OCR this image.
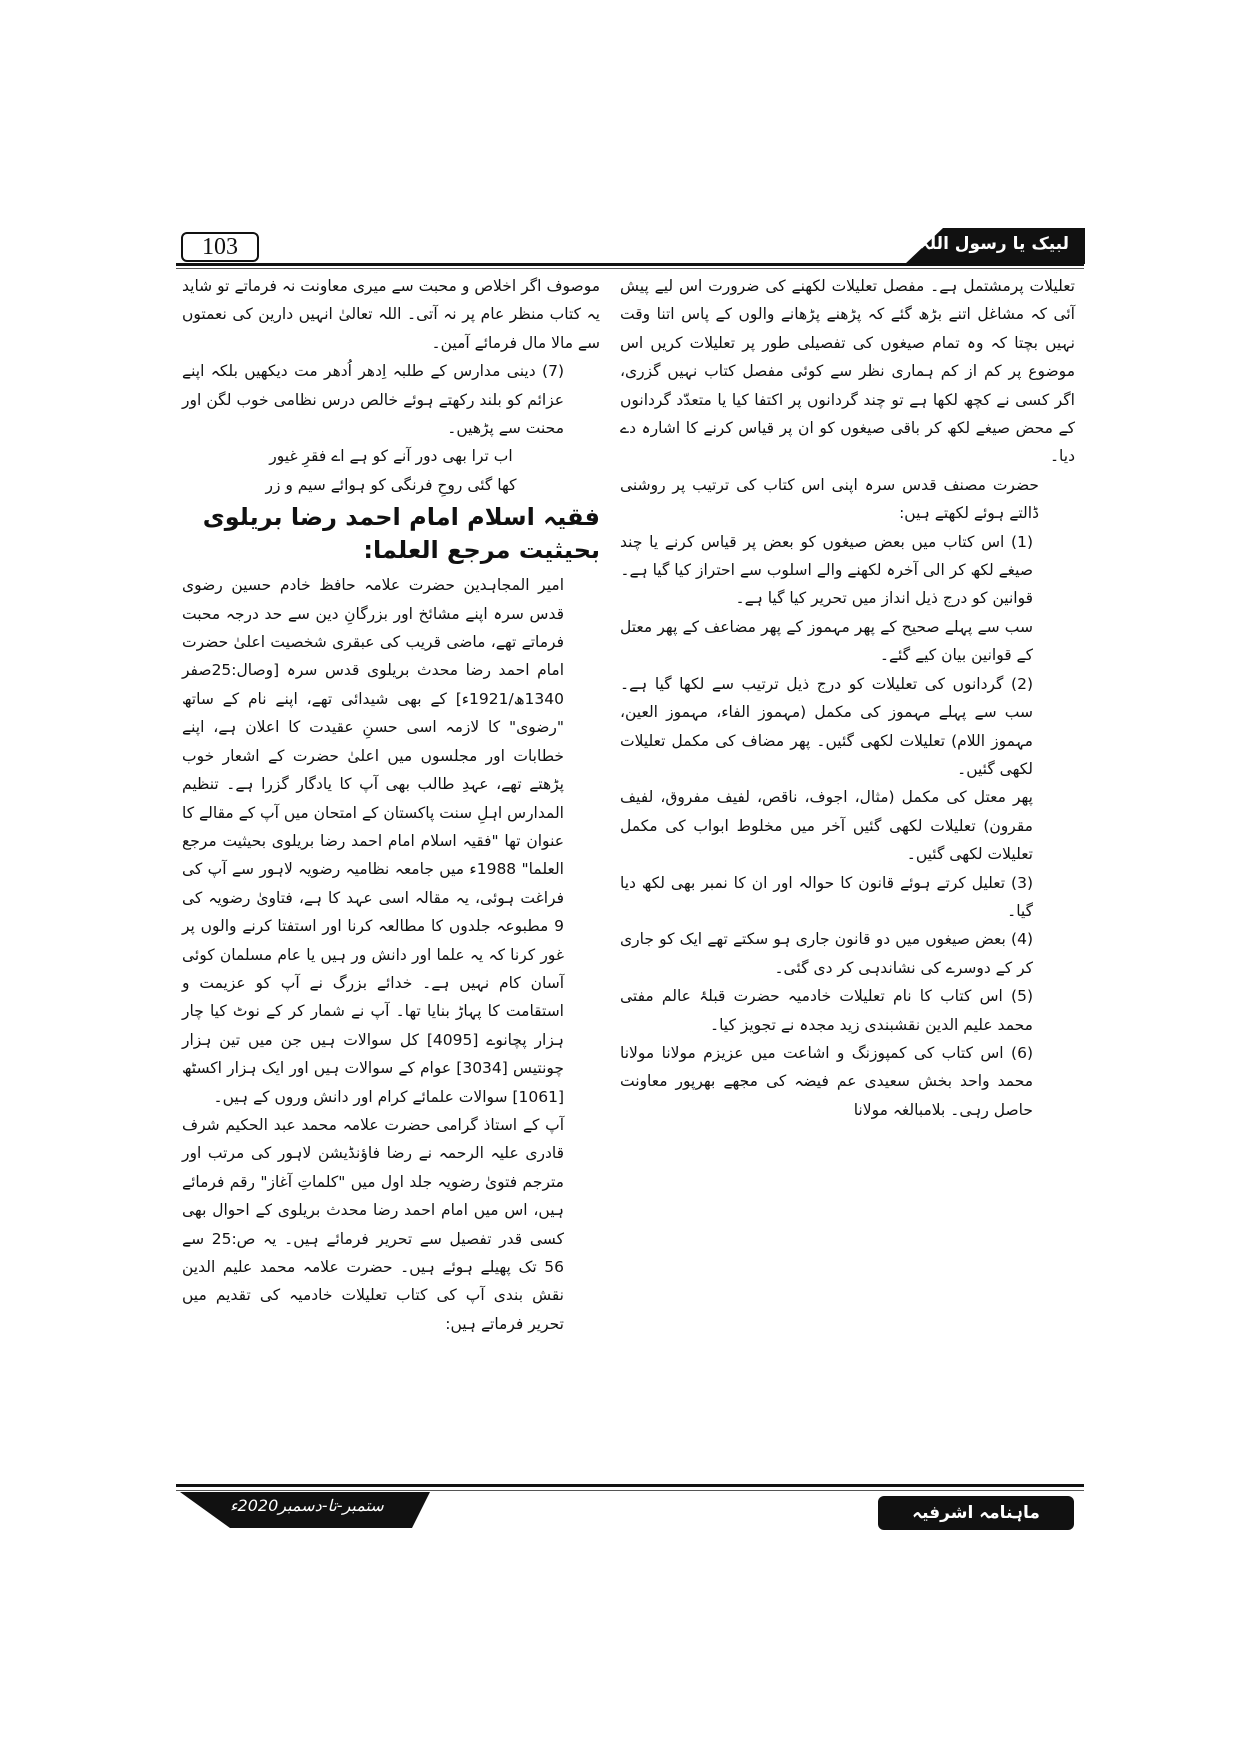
103	لبیک یا رسول اللہ

تعلیلات پرمشتمل ہے۔ مفصل تعلیلات لکھنے کی ضرورت اس لیے پیش آئی کہ مشاغل اتنے بڑھ گئے کہ پڑھنے پڑھانے والوں کے پاس اتنا وقت نہیں بچتا کہ وہ تمام صیغوں کی تفصیلی طور پر تعلیلات کریں اس موضوع پر کم از کم ہماری نظر سے کوئی مفصل کتاب نہیں گزری، اگر کسی نے کچھ لکھا ہے تو چند گردانوں پر اکتفا کیا یا متعدّد گردانوں کے محض صیغے لکھ کر باقی صیغوں کو ان پر قیاس کرنے کا اشارہ دے دیا۔

حضرت مصنف قدس سرہ اپنی اس کتاب کی ترتیب پر روشنی ڈالتے ہوئے لکھتے ہیں:

(1) اس کتاب میں بعض صیغوں کو بعض پر قیاس کرنے یا چند صیغے لکھ کر الی آخرہ لکھنے والے اسلوب سے احتراز کیا گیا ہے۔

قوانین کو درج ذیل انداز میں تحریر کیا گیا ہے۔

سب سے پہلے صحیح کے پھر مہموز کے پھر مضاعف کے پھر معتل کے قوانین بیان کیے گئے۔

(2) گردانوں کی تعلیلات کو درج ذیل ترتیب سے لکھا گیا ہے۔ سب سے پہلے مہموز کی مکمل (مہموز الفاء، مہموز العین، مہموز اللام) تعلیلات لکھی گئیں۔ پھر مضاف کی مکمل تعلیلات لکھی گئیں۔

پھر معتل کی مکمل (مثال، اجوف، ناقص، لفیف مفروق، لفیف مقرون) تعلیلات لکھی گئیں آخر میں مخلوط ابواب کی مکمل تعلیلات لکھی گئیں۔

(3) تعلیل کرتے ہوئے قانون کا حوالہ اور ان کا نمبر بھی لکھ دیا گیا۔

(4) بعض صیغوں میں دو قانون جاری ہو سکتے تھے ایک کو جاری کر کے دوسرے کی نشاندہی کر دی گئی۔

(5) اس کتاب کا نام تعلیلات خادمیہ حضرت قبلۂ عالم مفتی محمد علیم الدین نقشبندی زید مجدہ نے تجویز کیا۔

(6) اس کتاب کی کمپوزنگ و اشاعت میں عزیزم مولانا مولانا محمد واحد بخش سعیدی عم فیضہ کی مجھے بھرپور معاونت حاصل رہی۔ بلامبالغہ مولانا

موصوف اگر اخلاص و محبت سے میری معاونت نہ فرماتے تو شاید یہ کتاب منظر عام پر نہ آتی۔ اللہ تعالیٰ انہیں دارین کی نعمتوں سے مالا مال فرمائے آمین۔

(7) دینی مدارس کے طلبہ اِدھر اُدھر مت دیکھیں بلکہ اپنے عزائم کو بلند رکھتے ہوئے خالص درس نظامی خوب لگن اور محنت سے پڑھیں۔

اب ترا بھی دور آنے کو ہے اے فقرِ غیور

کھا گئی روحِ فرنگی کو ہوائے سیم و زر

فقیہ اسلام امام احمد رضا بریلوی بحیثیت مرجع العلما:

امیر المجاہدین حضرت علامہ حافظ خادم حسین رضوی قدس سرہ اپنے مشائخ اور بزرگانِ دین سے حد درجہ محبت فرماتے تھے، ماضی قریب کی عبقری شخصیت اعلیٰ حضرت امام احمد رضا محدث بریلوی قدس سرہ [وصال:25صفر 1340ھ/1921ء] کے بھی شیدائی تھے، اپنے نام کے ساتھ "رضوی" کا لازمہ اسی حسنِ عقیدت کا اعلان ہے، اپنے خطابات اور مجلسوں میں اعلیٰ حضرت کے اشعار خوب پڑھتے تھے، عہدِ طالب بھی آپ کا یادگار گزرا ہے۔ تنظیم المدارس اہلِ سنت پاکستان کے امتحان میں آپ کے مقالے کا عنوان تھا "فقیہ اسلام امام احمد رضا بریلوی بحیثیت مرجع العلما" 1988ء میں جامعہ نظامیہ رضویہ لاہور سے آپ کی فراغت ہوئی، یہ مقالہ اسی عہد کا ہے، فتاویٰ رضویہ کی 9 مطبوعہ جلدوں کا مطالعہ کرنا اور استفتا کرنے والوں پر غور کرنا کہ یہ علما اور دانش ور ہیں یا عام مسلمان کوئی آسان کام نہیں ہے۔ خدائے بزرگ نے آپ کو عزیمت و استقامت کا پہاڑ بنایا تھا۔ آپ نے شمار کر کے نوٹ کیا چار ہزار پچانوے [4095] کل سوالات ہیں جن میں تین ہزار چونتیس [3034] عوام کے سوالات ہیں اور ایک ہزار اکسٹھ [1061] سوالات علمائے کرام اور دانش وروں کے ہیں۔

آپ کے استاذ گرامی حضرت علامہ محمد عبد الحکیم شرف قادری علیہ الرحمہ نے رضا فاؤنڈیشن لاہور کی مرتب اور مترجم فتویٰ رضویہ جلد اول میں "کلماتِ آغاز" رقم فرمائے ہیں، اس میں امام احمد رضا محدث بریلوی کے احوال بھی کسی قدر تفصیل سے تحریر فرمائے ہیں۔ یہ ص:25 سے 56 تک پھیلے ہوئے ہیں۔ حضرت علامہ محمد علیم الدین نقش بندی آپ کی کتاب تعلیلات خادمیہ کی تقدیم میں تحریر فرماتے ہیں:

ستمبر-تا-دسمبر2020ء	ماہنامہ اشرفیہ
